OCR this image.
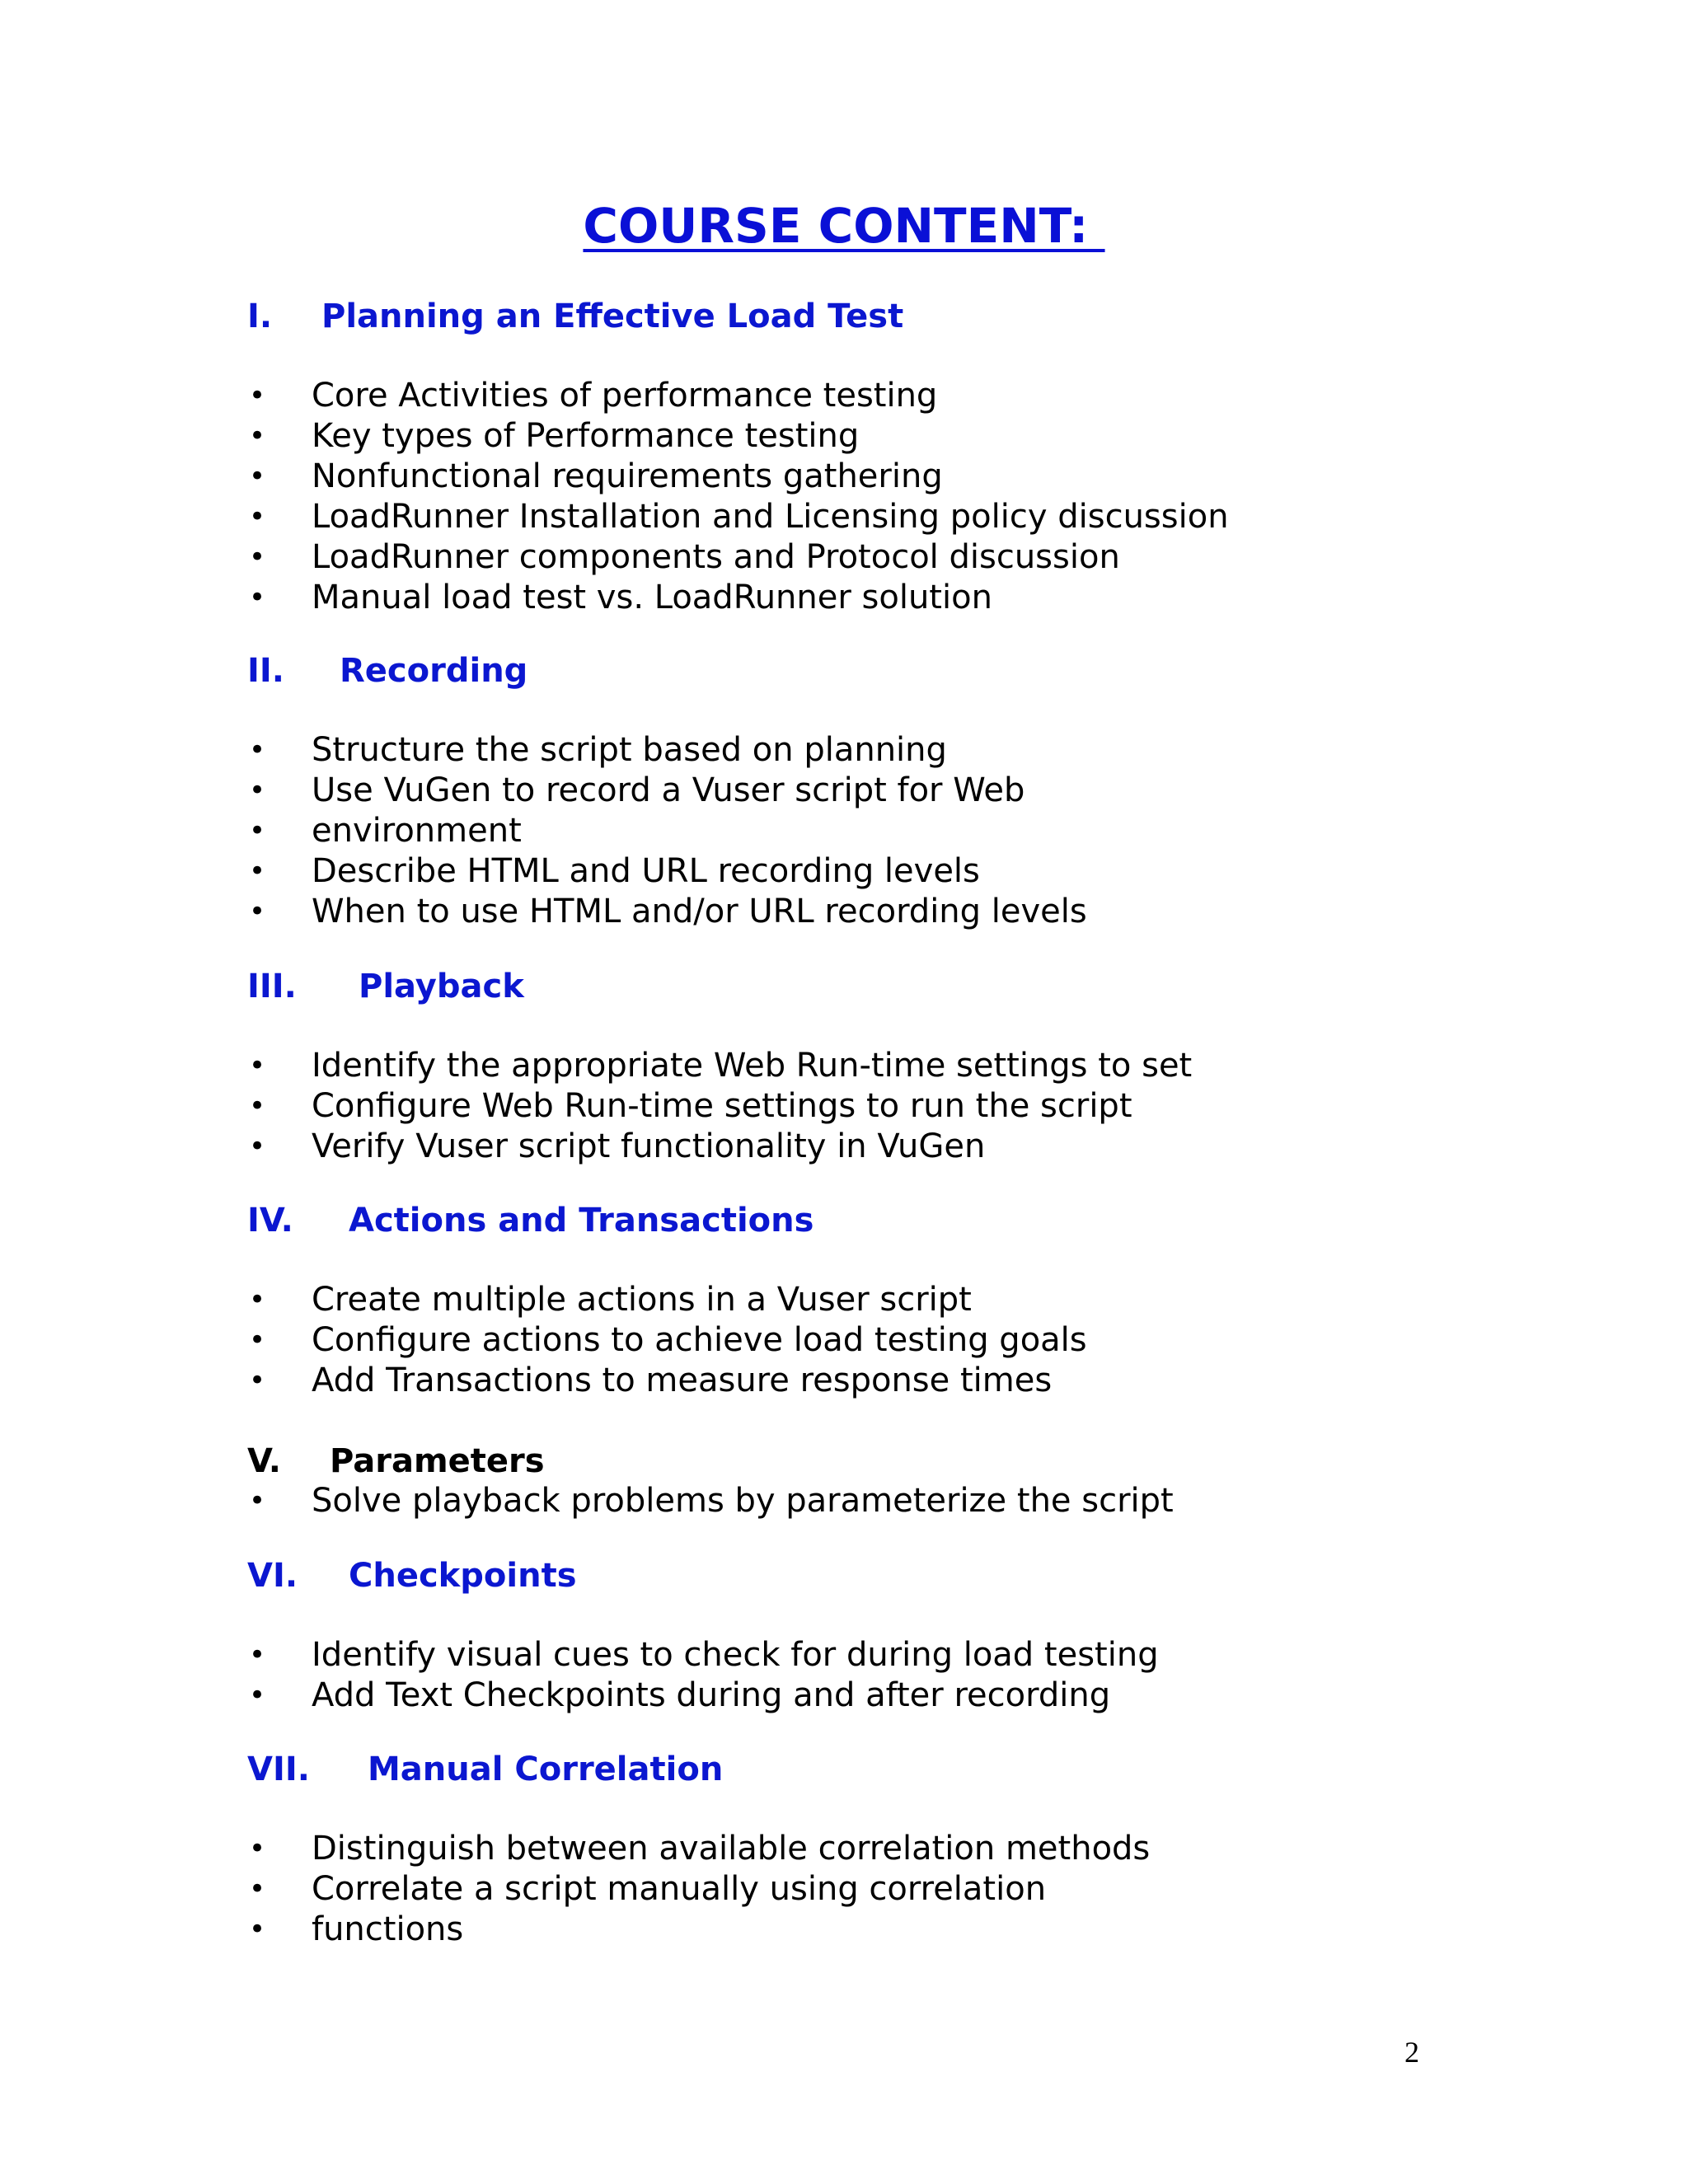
COURSE CONTENT:
I. Planning an Effective Load Test
• Core Activities of performance testing
• Key types of Performance testing
• Nonfunctional requirements gathering
• LoadRunner Installation and Licensing policy discussion
• LoadRunner components and Protocol discussion
• Manual load test vs. LoadRunner solution
II. Recording
• Structure the script based on planning
• Use VuGen to record a Vuser script for Web
• environment
• Describe HTML and URL recording levels
• When to use HTML and/or URL recording levels
III. Playback
• Identify the appropriate Web Run-time settings to set
• Configure Web Run-time settings to run the script
• Verify Vuser script functionality in VuGen
IV. Actions and Transactions
• Create multiple actions in a Vuser script
• Configure actions to achieve load testing goals
• Add Transactions to measure response times
V. Parameters
• Solve playback problems by parameterize the script
VI. Checkpoints
• Identify visual cues to check for during load testing
• Add Text Checkpoints during and after recording
VII. Manual Correlation
• Distinguish between available correlation methods
• Correlate a script manually using correlation
• functions
2
